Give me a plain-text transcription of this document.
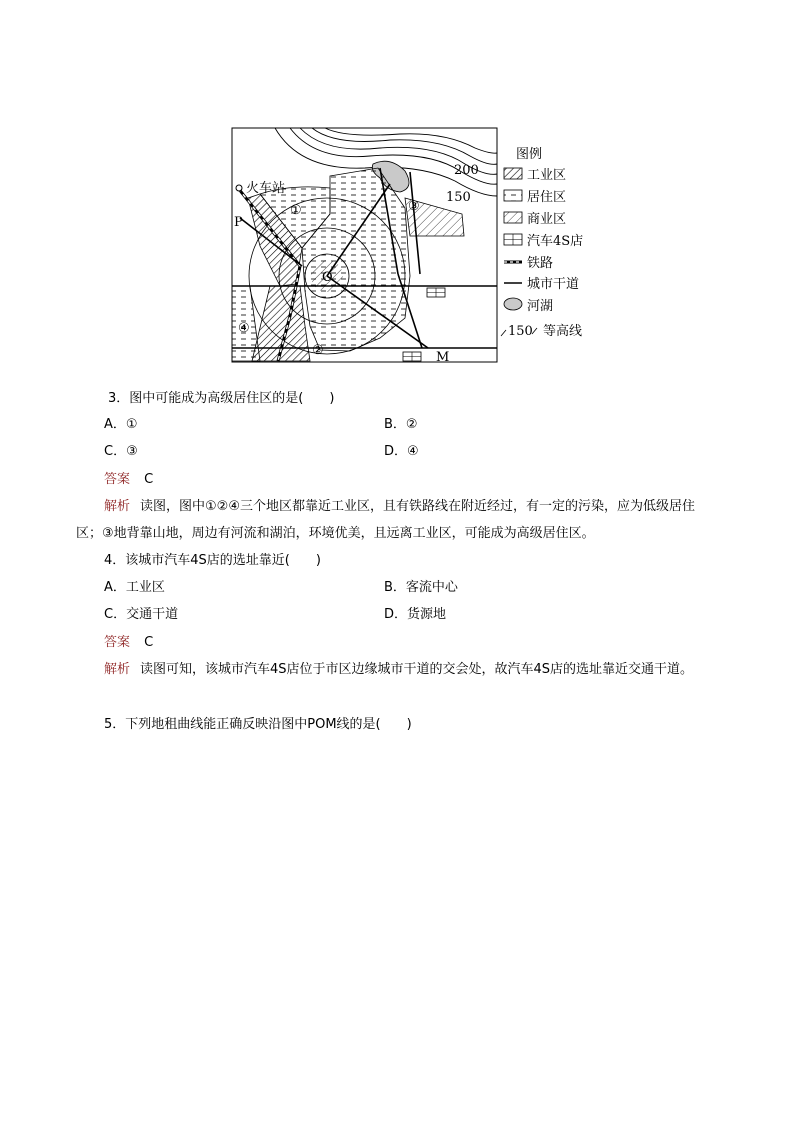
火车站
200
150
P
O
M
①
②
③
④
图例
工业区
居住区
商业区
汽车4S店
铁路
城市干道
河湖
150 等高线
3．图中可能成为高级居住区的是(　　)
A．①	B．②
C．③	D．④
答案 C
解析 读图，图中①②④三个地区都靠近工业区，且有铁路线在附近经过，有一定的污染，应为低级居住区；③地背靠山地，周边有河流和湖泊，环境优美，且远离工业区，可能成为高级居住区。
4．该城市汽车4S店的选址靠近(　　)
A．工业区	B．客流中心
C．交通干道	D．货源地
答案 C
解析 读图可知，该城市汽车4S店位于市区边缘城市干道的交会处，故汽车4S店的选址靠近交通干道。
5．下列地租曲线能正确反映沿图中POM线的是(　　)
